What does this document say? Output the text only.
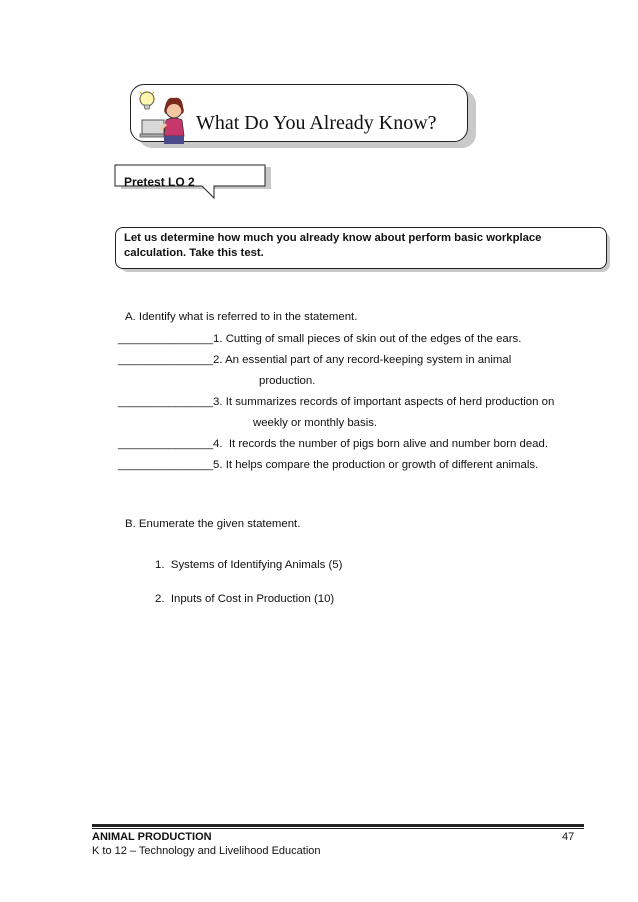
What Do You Already Know?
Pretest LO 2
Let us determine how much you already know about perform basic workplace calculation. Take this test.
A. Identify what is referred to in the statement.
_______________1. Cutting of small pieces of skin out of the edges of the ears.
_______________2. An essential part of any record-keeping system in animal
production.
_______________3. It summarizes records of important aspects of herd production on
weekly or monthly basis.
_______________4.  It records the number of pigs born alive and number born dead.
_______________5. It helps compare the production or growth of different animals.
B. Enumerate the given statement.
1. Systems of Identifying Animals (5)
2. Inputs of Cost in Production (10)
ANIMAL PRODUCTION	47
K to 12 – Technology and Livelihood Education
